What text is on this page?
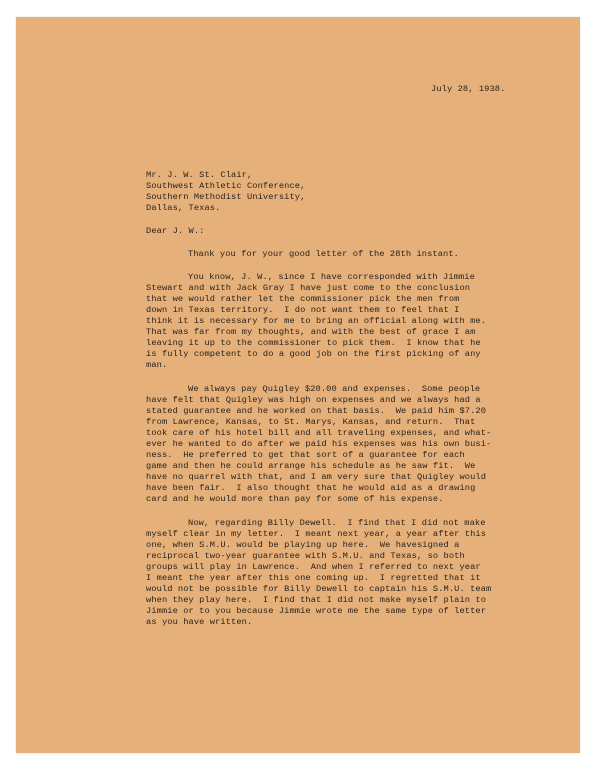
July 28, 1938.
Mr. J. W. St. Clair,
Southwest Athletic Conference,
Southern Methodist University,
Dallas, Texas.
Dear J. W.:
Thank you for your good letter of the 28th instant.
You know, J. W., since I have corresponded with Jimmie
Stewart and with Jack Gray I have just come to the conclusion
that we would rather let the commissioner pick the men from
down in Texas territory.  I do not want them to feel that I
think it is necessary for me to bring an official along with me.
That was far from my thoughts, and with the best of grace I am
leaving it up to the commissioner to pick them.  I know that he
is fully competent to do a good job on the first picking of any
man.
We always pay Quigley $20.00 and expenses.  Some people
have felt that Quigley was high on expenses and we always had a
stated guarantee and he worked on that basis.  We paid him $7.20
from Lawrence, Kansas, to St. Marys, Kansas, and return.  That
took care of his hotel bill and all traveling expenses, and what-
ever he wanted to do after we paid his expenses was his own busi-
ness.  He preferred to get that sort of a guarantee for each
game and then he could arrange his schedule as he saw fit.  We
have no quarrel with that, and I am very sure that Quigley would
have been fair.  I also thought that he would aid as a drawing
card and he would more than pay for some of his expense.
Now, regarding Billy Dewell.  I find that I did not make
myself clear in my letter.  I meant next year, a year after this
one, when S.M.U. would be playing up here.  We havesigned a
reciprocal two-year guarantee with S.M.U. and Texas, so both
groups will play in Lawrence.  And when I referred to next year
I meant the year after this one coming up.  I regretted that it
would not be possible for Billy Dewell to captain his S.M.U. team
when they play here.  I find that I did not make myself plain to
Jimmie or to you because Jimmie wrote me the same type of letter
as you have written.
